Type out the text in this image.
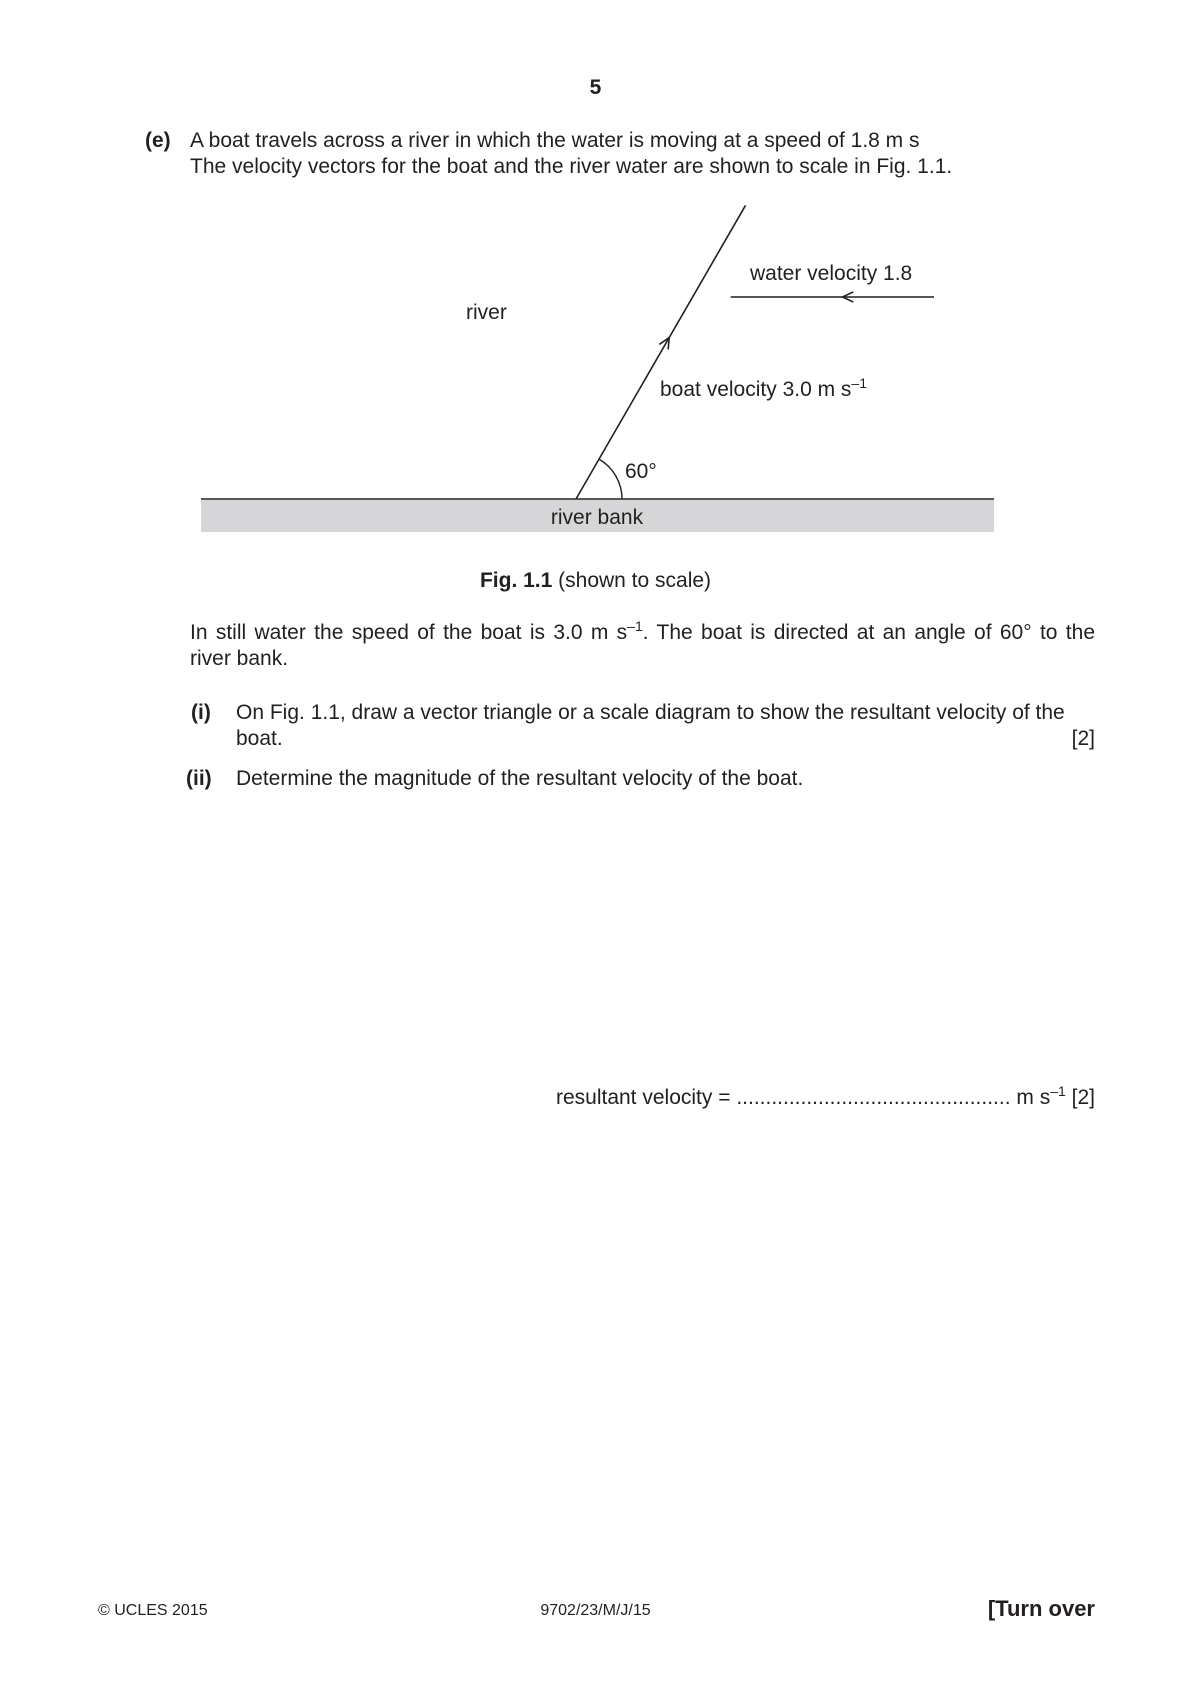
5
(e) A boat travels across a river in which the water is moving at a speed of 1.8 m s
The velocity vectors for the boat and the river water are shown to scale in Fig. 1.1.
river
water velocity 1.8
boat velocity 3.0 m $s^{-1}$
60°
river bank
Fig. 1.1 (shown to scale)
In still water the speed of the boat is 3.0 m $s^{-1}$. The boat is directed at an angle of 60° to the
river bank.
(i) On Fig. 1.1, draw a vector triangle or a scale diagram to show the resultant velocity of the
boat.	[2]
(ii) Determine the magnitude of the resultant velocity of the boat.
resultant velocity = ............................................... m $s^{-1}$ [2]
© UCLES 2015	9702/23/M/J/15	[Turn over
